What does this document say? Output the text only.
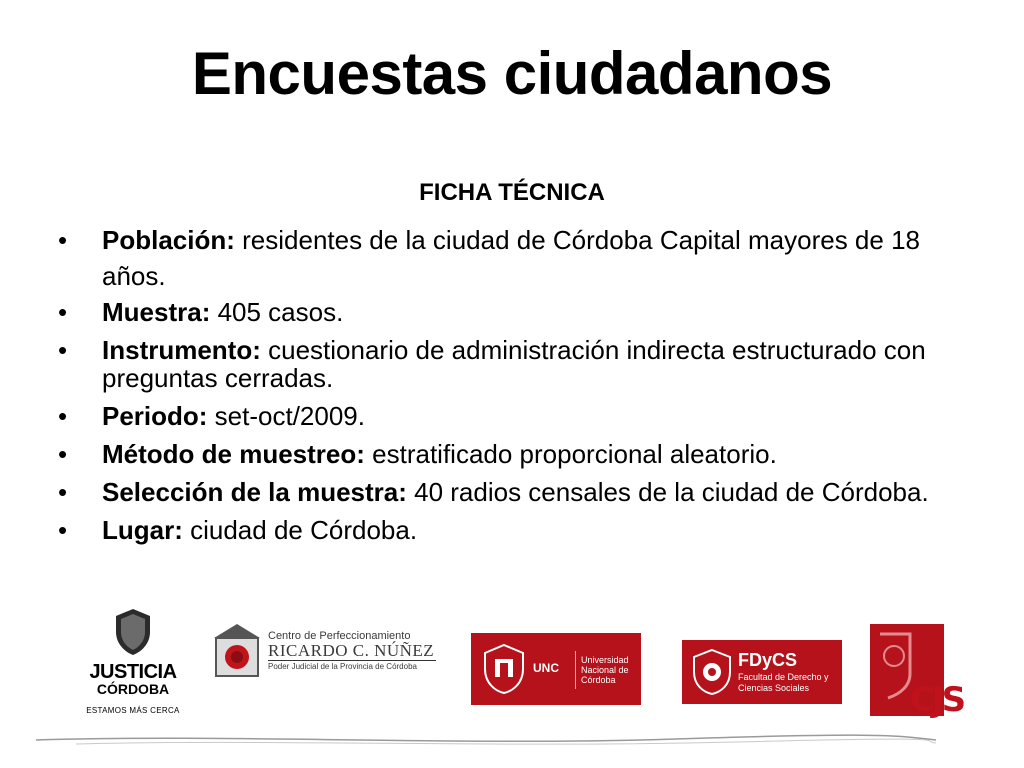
Encuestas ciudadanos
FICHA TÉCNICA
• Población: residentes de la ciudad de Córdoba Capital mayores de 18 años.
• Muestra: 405 casos.
• Instrumento: cuestionario de administración indirecta estructurado con preguntas cerradas.
• Periodo: set-oct/2009.
• Método de muestreo: estratificado proporcional aleatorio.
• Selección de la muestra: 40 radios censales de la ciudad de Córdoba.
• Lugar: ciudad de Córdoba.
JUSTICIA
CÓRDOBA
ESTAMOS MÁS CERCA
Centro de Perfeccionamiento
RICARDO C. NÚÑEZ
Poder Judicial de la Provincia de Córdoba	UNC
Universidad Nacional de Córdoba
FDyCS
Facultad de Derecho y Ciencias Sociales	CJS
